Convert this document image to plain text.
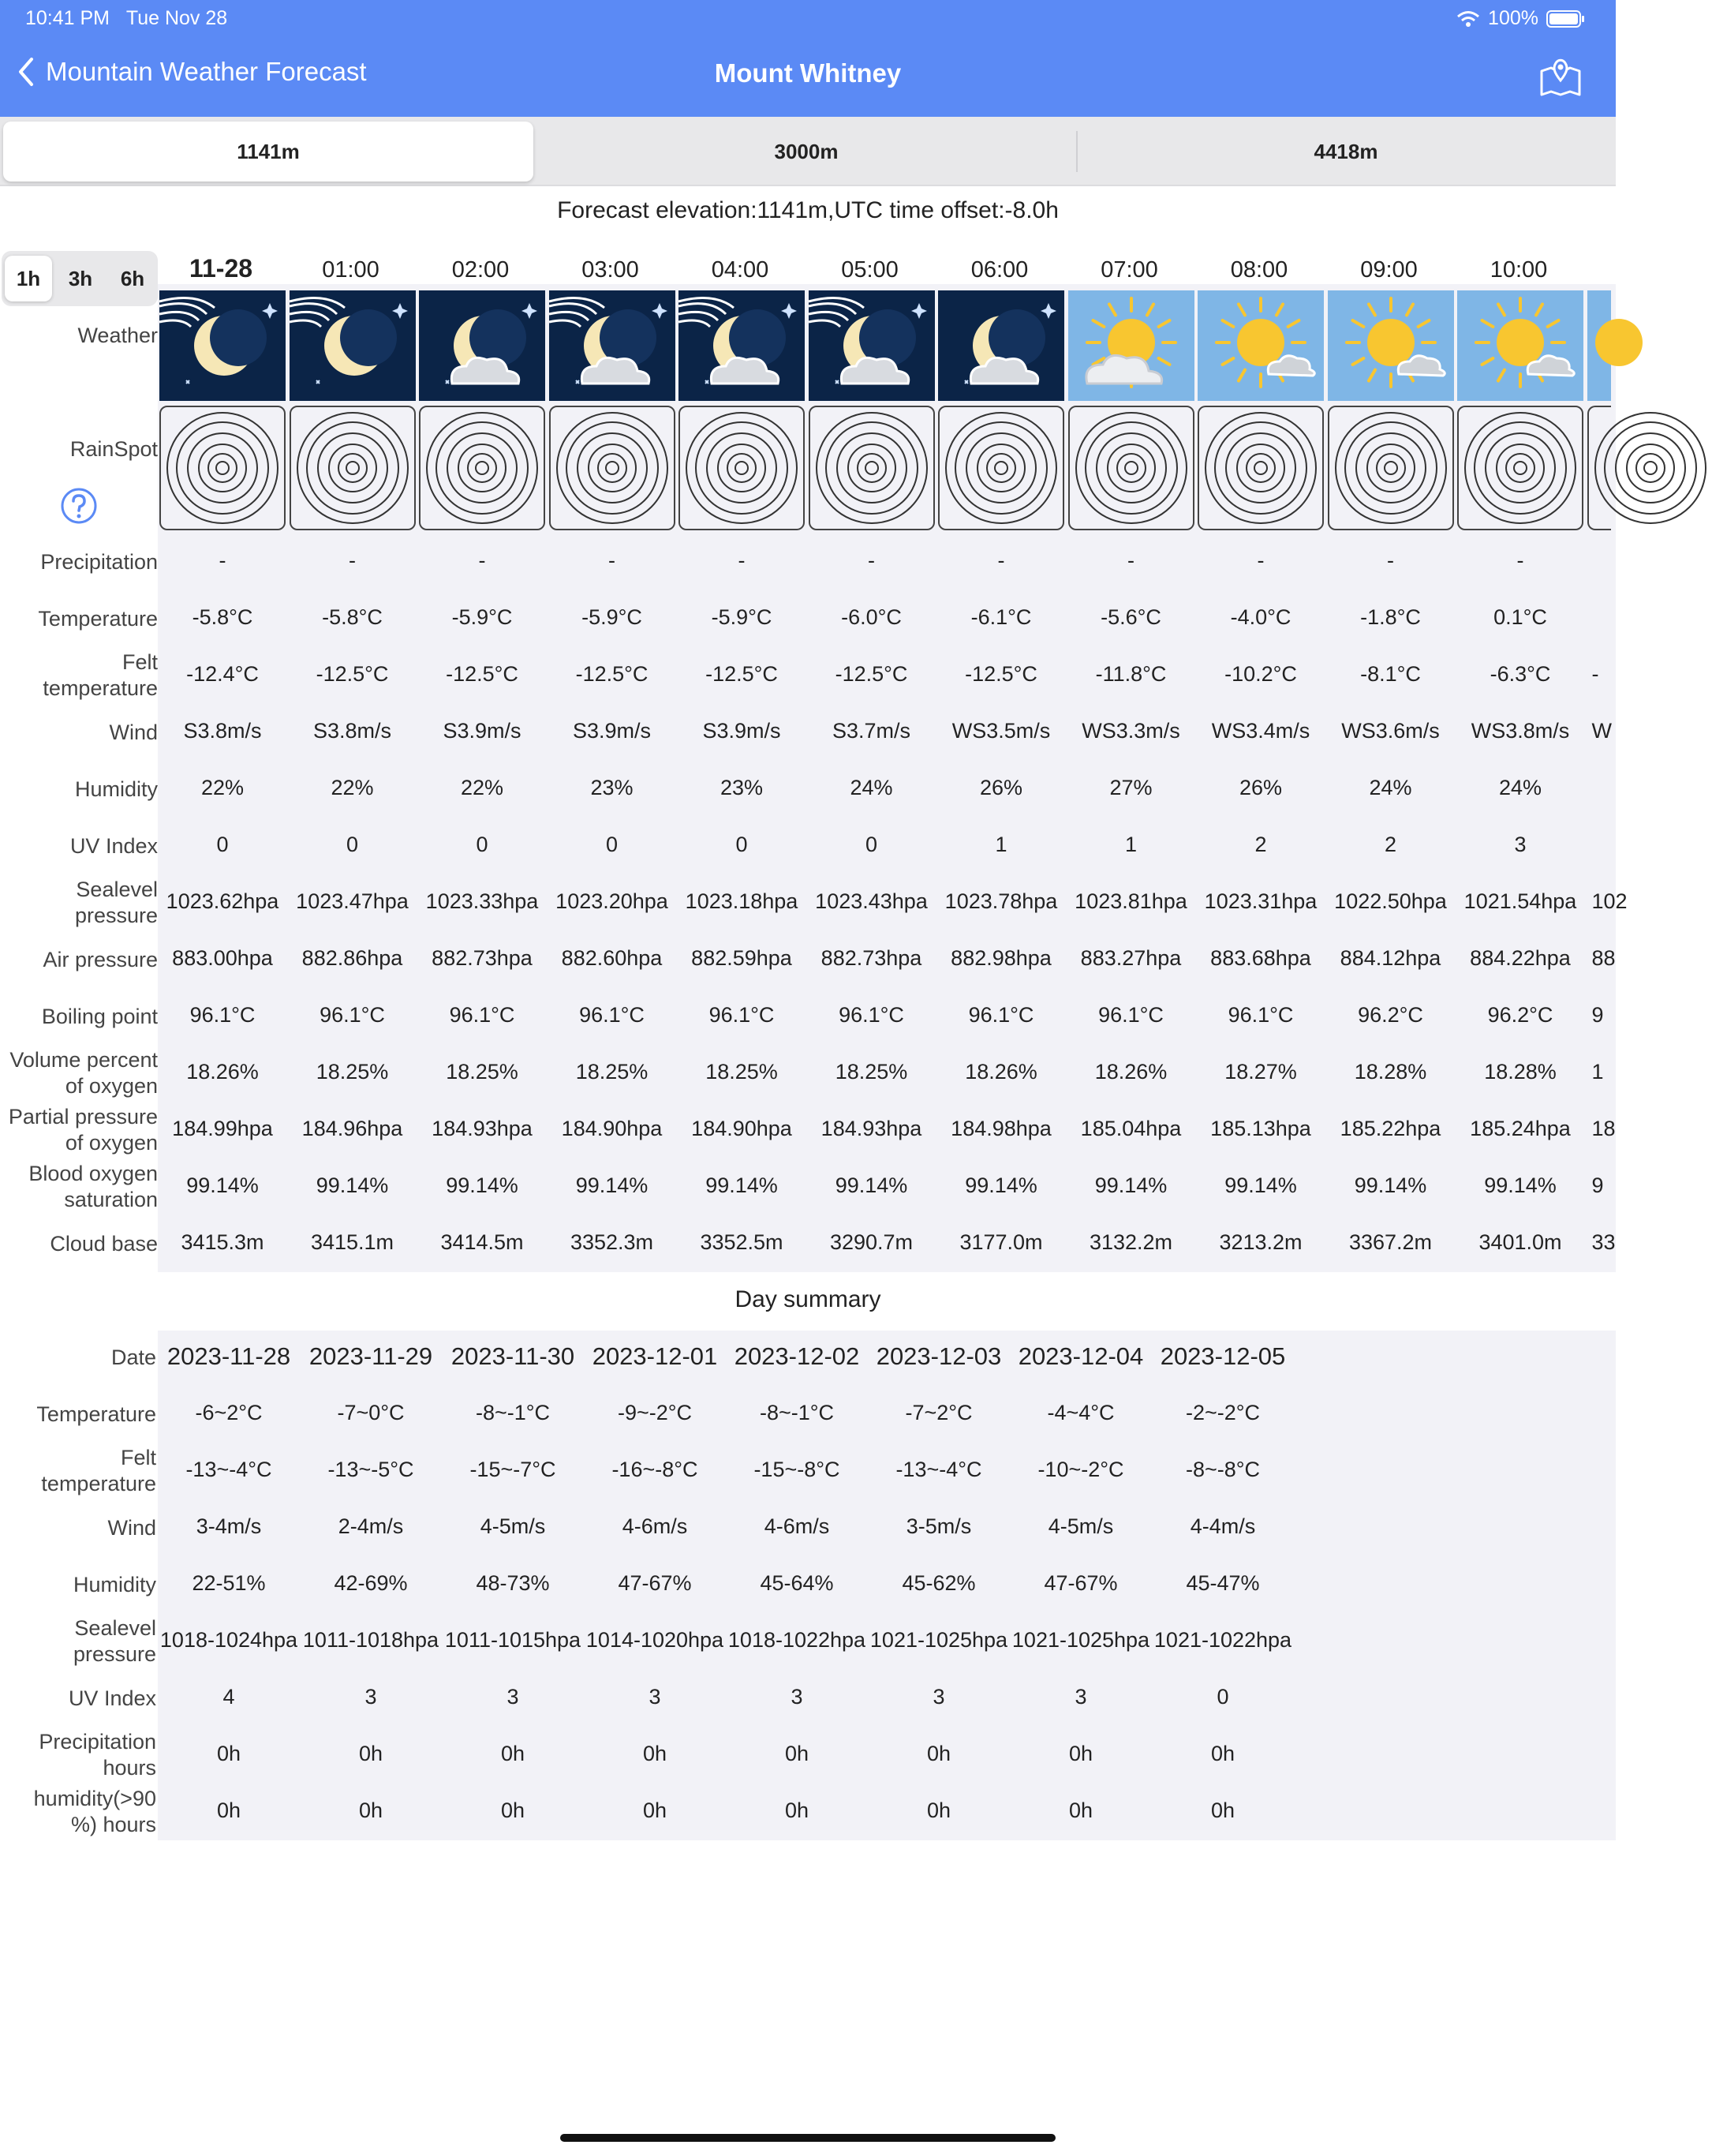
10:41 PM Tue Nov 28	100%
Mountain Weather Forecast	Mount Whitney
1141m	3000m	4418m
Forecast elevation:1141m,UTC time offset:-8.0h
1h	3h	6h	11-28	01:00	02:00	03:00	04:00	05:00	06:00	07:00	08:00	09:00	10:00
Weather
RainSpot
Precipitation	-	-	-	-	-	-	-	-	-	-	-
Temperature	-5.8°C	-5.8°C	-5.9°C	-5.9°C	-5.9°C	-6.0°C	-6.1°C	-5.6°C	-4.0°C	-1.8°C	0.1°C
Felt
temperature
-12.4°C	-12.5°C	-12.5°C	-12.5°C	-12.5°C	-12.5°C	-12.5°C	-11.8°C	-10.2°C	-8.1°C	-6.3°C	-
Wind	S3.8m/s	S3.8m/s	S3.9m/s	S3.9m/s	S3.9m/s	S3.7m/s	WS3.5m/s	WS3.3m/s	WS3.4m/s	WS3.6m/s	WS3.8m/s	W
Humidity	22%	22%	22%	23%	23%	24%	26%	27%	26%	24%	24%
UV Index	0	0	0	0	0	0	1	1	2	2	3
Sealevel
pressure
1023.62hpa 1023.47hpa 1023.33hpa 1023.20hpa 1023.18hpa 1023.43hpa 1023.78hpa 1023.81hpa 1023.31hpa 1022.50hpa 1021.54hpa 102
Air pressure 883.00hpa	882.86hpa	882.73hpa	882.60hpa	882.59hpa	882.73hpa	882.98hpa	883.27hpa	883.68hpa	884.12hpa	884.22hpa 88
Boiling point	96.1°C	96.1°C	96.1°C	96.1°C	96.1°C	96.1°C	96.1°C	96.1°C	96.1°C	96.2°C	96.2°C	9
Volume percent
of oxygen
18.26%	18.25%	18.25%	18.25%	18.25%	18.25%	18.26%	18.26%	18.27%	18.28%	18.28%	1
Partial pressure
of oxygen
184.99hpa	184.96hpa	184.93hpa	184.90hpa	184.90hpa	184.93hpa	184.98hpa	185.04hpa	185.13hpa	185.22hpa	185.24hpa 18
Blood oxygen
saturation
99.14%	99.14%	99.14%	99.14%	99.14%	99.14%	99.14%	99.14%	99.14%	99.14%	99.14%	9
Cloud base	3415.3m	3415.1m	3414.5m	3352.3m	3352.5m	3290.7m	3177.0m	3132.2m	3213.2m	3367.2m	3401.0m	33
Day summary
Date 2023-11-28 2023-11-29 2023-11-30 2023-12-01 2023-12-02 2023-12-03 2023-12-04 2023-12-05
Temperature	-6~2°C	-7~0°C	-8~-1°C	-9~-2°C	-8~-1°C	-7~2°C	-4~4°C	-2~-2°C
Felt
temperature
-13~-4°C	-13~-5°C	-15~-7°C	-16~-8°C	-15~-8°C	-13~-4°C	-10~-2°C	-8~-8°C
Wind	3-4m/s	2-4m/s	4-5m/s	4-6m/s	4-6m/s	3-5m/s	4-5m/s	4-4m/s
Humidity	22-51%	42-69%	48-73%	47-67%	45-64%	45-62%	47-67%	45-47%
Sealevel
pressure
1018-1024hpa 1011-1018hpa 1011-1015hpa 1014-1020hpa 1018-1022hpa 1021-1025hpa 1021-1025hpa 1021-1022hpa
UV Index	4	3	3	3	3	3	3	0
Precipitation
hours
0h	0h	0h	0h	0h	0h	0h	0h
humidity(>90
%) hours
0h	0h	0h	0h	0h	0h	0h	0h
